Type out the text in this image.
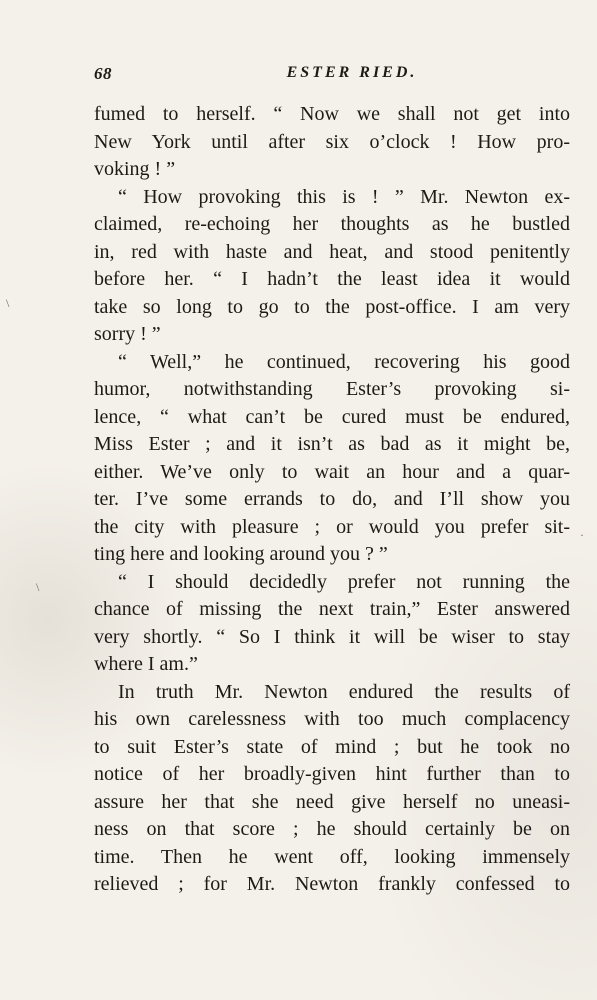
68	ESTER RIED.
fumed to herself. “ Now we shall not get into
New York until after six o’clock ! How pro-
voking ! ”
“ How provoking this is ! ” Mr. Newton ex-
claimed, re-echoing her thoughts as he bustled
in, red with haste and heat, and stood penitently
before her. “ I hadn’t the least idea it would
take so long to go to the post-office. I am very
sorry ! ”
“ Well,” he continued, recovering his good
humor, notwithstanding Ester’s provoking si-
lence, “ what can’t be cured must be endured,
Miss Ester ; and it isn’t as bad as it might be,
either. We’ve only to wait an hour and a quar-
ter. I’ve some errands to do, and I’ll show you
the city with pleasure ; or would you prefer sit-
ting here and looking around you ? ”
“ I should decidedly prefer not running the
chance of missing the next train,” Ester answered
very shortly. “ So I think it will be wiser to stay
where I am.”
In truth Mr. Newton endured the results of
his own carelessness with too much complacency
to suit Ester’s state of mind ; but he took no
notice of her broadly-given hint further than to
assure her that she need give herself no uneasi-
ness on that score ; he should certainly be on
time. Then he went off, looking immensely
relieved ; for Mr. Newton frankly confessed to
\
\
·
